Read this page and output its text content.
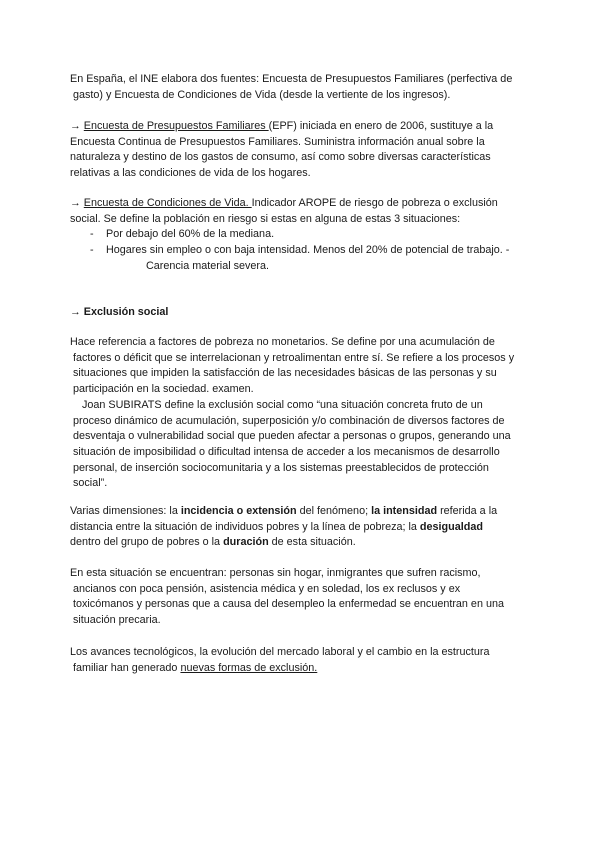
En España, el INE elabora dos fuentes: Encuesta de Presupuestos Familiares (perfectiva de

gasto) y Encuesta de Condiciones de Vida (desde la vertiente de los ingresos).

→ Encuesta de Presupuestos Familiares (EPF) iniciada en enero de 2006, sustituye a la

Encuesta Continua de Presupuestos Familiares. Suministra información anual sobre la

naturaleza y destino de los gastos de consumo, así como sobre diversas características

relativas a las condiciones de vida de los hogares.

→ Encuesta de Condiciones de Vida. Indicador AROPE de riesgo de pobreza o exclusión

social. Se define la población en riesgo si estas en alguna de estas 3 situaciones:

- Por debajo del 60% de la mediana.

- Hogares sin empleo o con baja intensidad. Menos del 20% de potencial de trabajo. -

Carencia material severa.

→ Exclusión social

Hace referencia a factores de pobreza no monetarios. Se define por una acumulación de

factores o déficit que se interrelacionan y retroalimentan entre sí. Se refiere a los procesos y

situaciones que impiden la satisfacción de las necesidades básicas de las personas y su

participación en la sociedad. examen.

Joan SUBIRATS define la exclusión social como “una situación concreta fruto de un

proceso dinámico de acumulación, superposición y/o combinación de diversos factores de

desventaja o vulnerabilidad social que pueden afectar a personas o grupos, generando una

situación de imposibilidad o dificultad intensa de acceder a los mecanismos de desarrollo

personal, de inserción sociocomunitaria y a los sistemas preestablecidos de protección

social”.

Varias dimensiones: la incidencia o extensión del fenómeno; la intensidad referida a la

distancia entre la situación de individuos pobres y la línea de pobreza; la desigualdad

dentro del grupo de pobres o la duración de esta situación.

En esta situación se encuentran: personas sin hogar, inmigrantes que sufren racismo,

ancianos con poca pensión, asistencia médica y en soledad, los ex reclusos y ex

toxicómanos y personas que a causa del desempleo la enfermedad se encuentran en una

situación precaria.

Los avances tecnológicos, la evolución del mercado laboral y el cambio en la estructura

familiar han generado nuevas formas de exclusión.
